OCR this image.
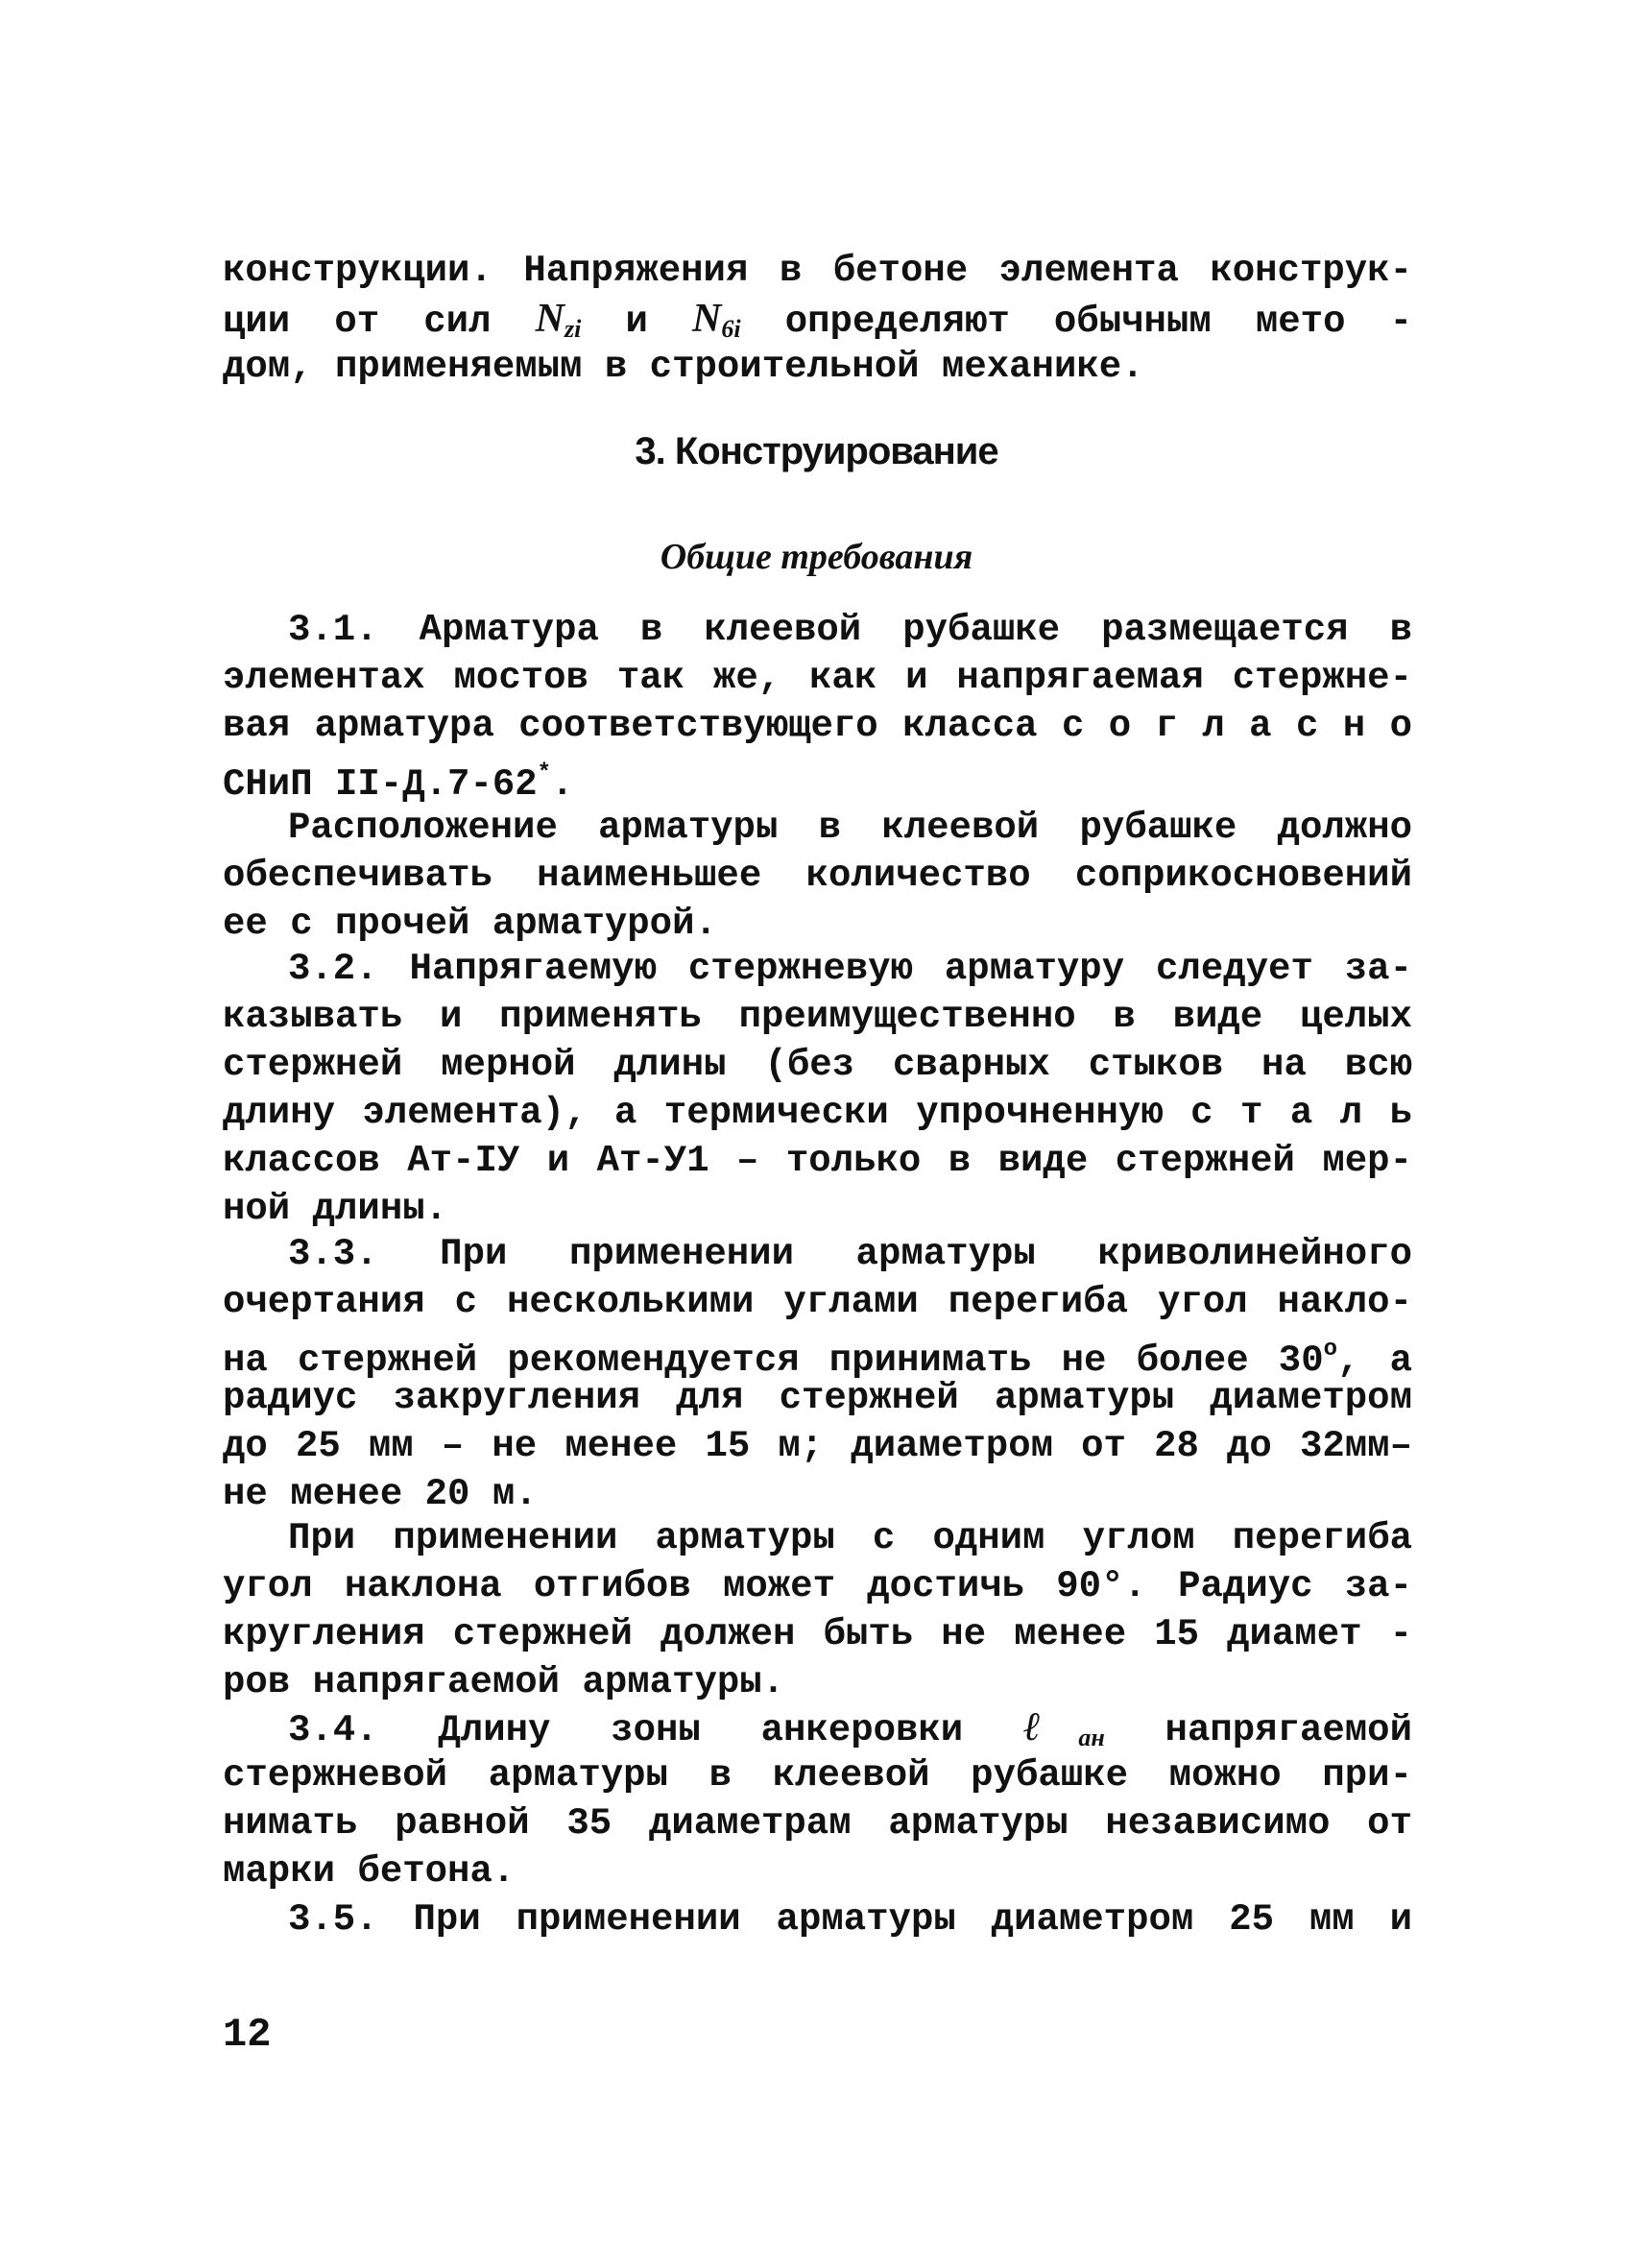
конструкции. Напряжения в бетоне элемента конструк-
ции от сил $N_{zi}$ и $N_{6i}$ определяют обычным мето -
дом, применяемым в строительной механике.
3. Конструирование
Общие требования
3.1. Арматура в клеевой рубашке размещается в
элементах мостов так же, как и напрягаемая стержне-
вая арматура соответствующего класса с о г л а с н о
СНиП II-Д.7-62*.
Расположение арматуры в клеевой рубашке должно
обеспечивать наименьшее количество соприкосновений
ее с прочей арматурой.
3.2. Напрягаемую стержневую арматуру следует за-
казывать и применять преимущественно в виде целых
стержней мерной длины (без сварных стыков на всю
длину элемента), а термически упрочненную с т а л ь
классов Ат-IУ и Ат-У1 – только в виде стержней мер-
ной длины.
3.3. При применении арматуры криволинейного
очертания с несколькими углами перегиба угол накло-
на стержней рекомендуется принимать не более $30^о$, а
радиус закругления для стержней арматуры диаметром
до 25 мм – не менее 15 м; диаметром от 28 до 32мм–
не менее 20 м.
При применении арматуры с одним углом перегиба
угол наклона отгибов может достичь 90°. Радиус за-
кругления стержней должен быть не менее 15 диамет -
ров напрягаемой арматуры.
3.4. Длину зоны анкеровки ℓ$_{ан}$ напрягаемой
стержневой арматуры в клеевой рубашке можно при-
нимать равной 35 диаметрам арматуры независимо от
марки бетона.
3.5. При применении арматуры диаметром 25 мм и
12
